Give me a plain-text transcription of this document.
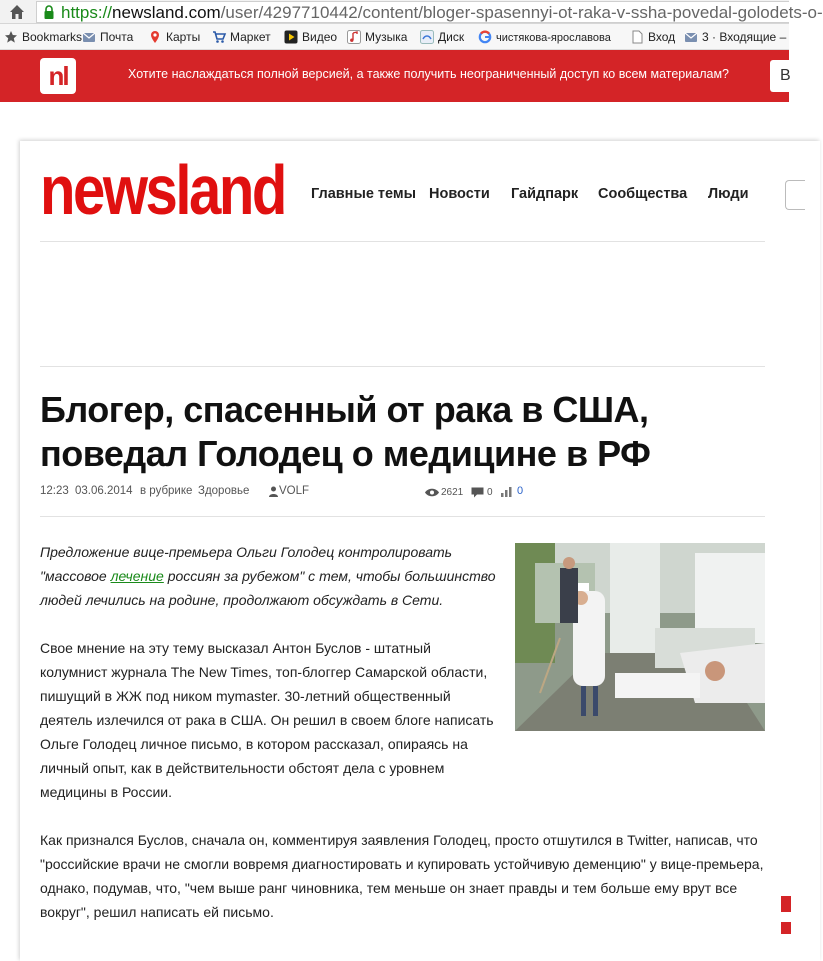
https://newsland.com/user/4297710442/content/bloger-spasennyi-ot-raka-v-ssha-povedal-golodets-o-
Bookmarks	Почта	Карты	Маркет	Видео	Музыка	Диск	чистякова-ярославова	Вход	3 · Входящие –
nl	Хотите наслаждаться полной версией, а также получить неограниченный доступ ко всем материалам?	B
newsland Главные темы Новости Гайдпарк Сообщества Люди
Блогер, спасенный от рака в США, поведал Голодец о медицине в РФ
12:23 03.06.2014 в рубрике Здоровье	VOLF	2621 0 0

Предложение вице-премьера Ольги Голодец контролировать "массовое лечение россиян за рубежом" с тем, чтобы большинство людей лечились на родине, продолжают обсуждать в Сети.

Свое мнение на эту тему высказал Антон Буслов - штатный колумнист журнала The New Times, топ-блоггер Самарской области, пишущий в ЖЖ под ником mymaster. 30-летний общественный деятель излечился от рака в США. Он решил в своем блоге написать Ольге Голодец личное письмо, в котором рассказал, опираясь на личный опыт, как в действительности обстоят дела с уровнем медицины в России.

Как признался Буслов, сначала он, комментируя заявления Голодец, просто отшутился в Twitter, написав, что "российские врачи не смогли вовремя диагностировать и купировать устойчивую деменцию" у вице-премьера, однако, подумав, что, "чем выше ранг чиновника, тем меньше он знает правды и тем больше ему врут все вокруг", решил написать ей письмо.
